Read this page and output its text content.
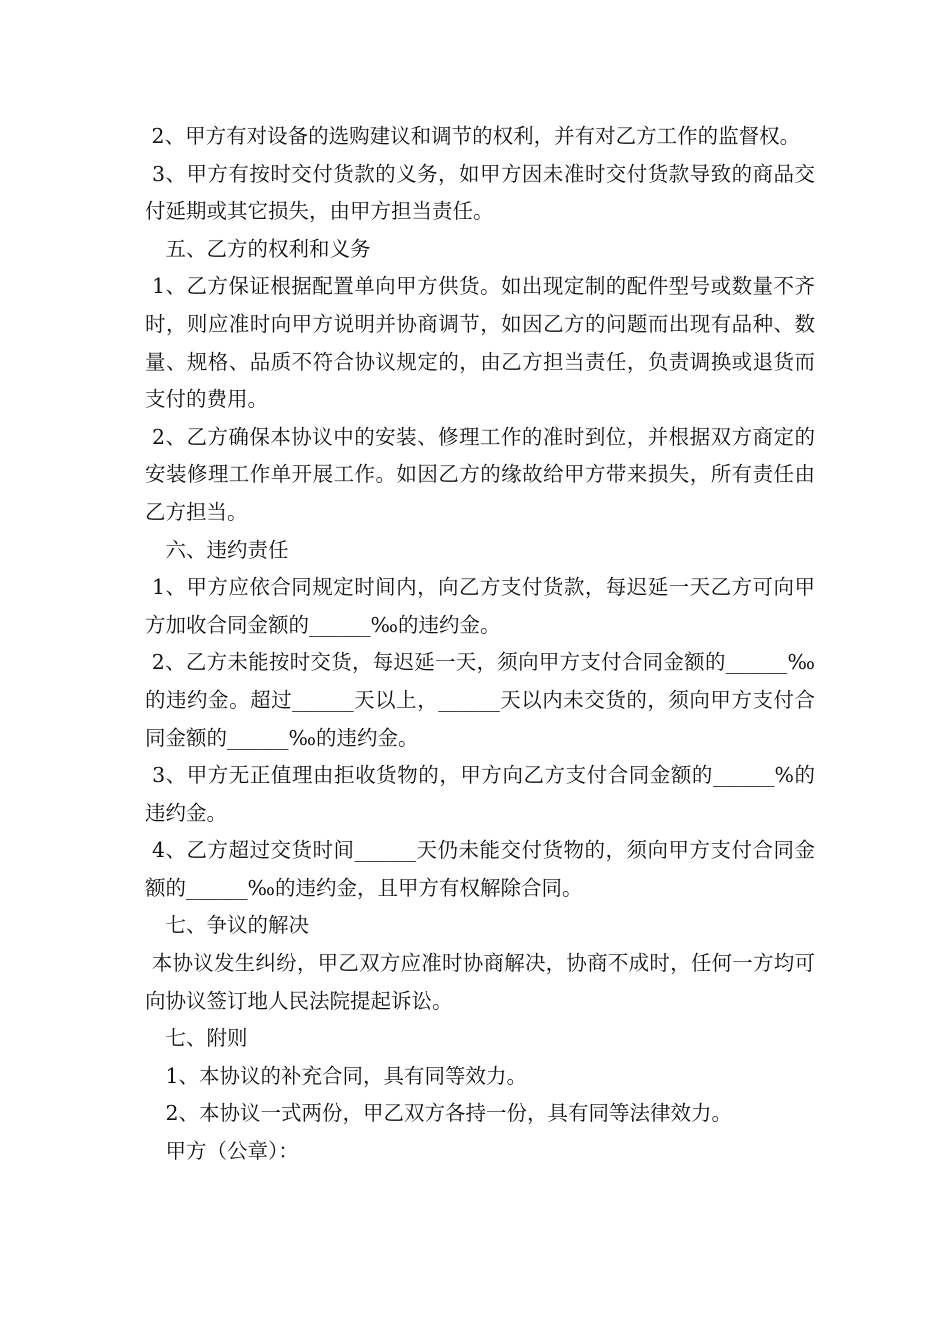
2、甲方有对设备的选购建议和调节的权利，并有对乙方工作的监督权。

3、甲方有按时交付货款的义务，如甲方因未准时交付货款导致的商品交付延期或其它损失，由甲方担当责任。

　五、乙方的权利和义务

1、乙方保证根据配置单向甲方供货。如出现定制的配件型号或数量不齐时，则应准时向甲方说明并协商调节，如因乙方的问题而出现有品种、数量、规格、品质不符合协议规定的，由乙方担当责任，负责调换或退货而支付的费用。

2、乙方确保本协议中的安装、修理工作的准时到位，并根据双方商定的安装修理工作单开展工作。如因乙方的缘故给甲方带来损失，所有责任由乙方担当。

　六、违约责任

1、甲方应依合同规定时间内，向乙方支付货款，每迟延一天乙方可向甲方加收合同金额的______‰的违约金。

2、乙方未能按时交货，每迟延一天，须向甲方支付合同金额的______‰的违约金。超过______天以上，______天以内未交货的，须向甲方支付合同金额的______‰的违约金。

3、甲方无正值理由拒收货物的，甲方向乙方支付合同金额的______%的违约金。

4、乙方超过交货时间______天仍未能交付货物的，须向甲方支付合同金额的______‰的违约金，且甲方有权解除合同。

　七、争议的解决

本协议发生纠纷，甲乙双方应准时协商解决，协商不成时，任何一方均可向协议签订地人民法院提起诉讼。

　七、附则

　1、本协议的补充合同，具有同等效力。

　2、本协议一式两份，甲乙双方各持一份，具有同等法律效力。

　甲方（公章）：
